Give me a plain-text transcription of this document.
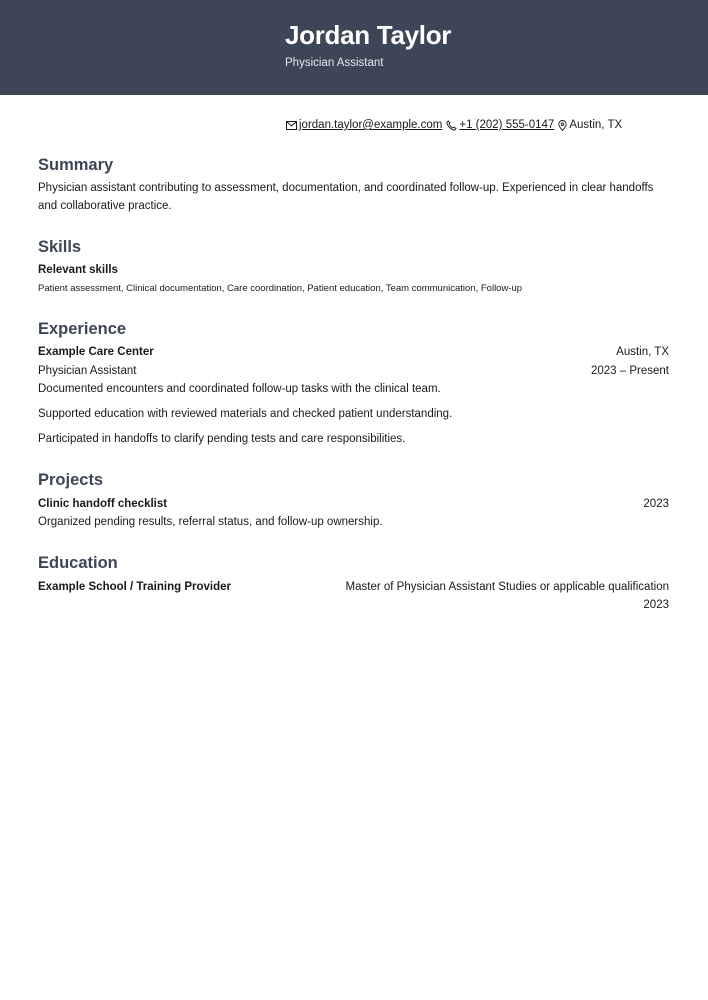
Jordan Taylor
Physician Assistant
jordan.taylor@example.com +1 (202) 555-0147 Austin, TX
Summary
Physician assistant contributing to assessment, documentation, and coordinated follow-up. Experienced in clear handoffs
and collaborative practice.
Skills
Relevant skills
Patient assessment, Clinical documentation, Care coordination, Patient education, Team communication, Follow-up
Experience
Example Care Center	Austin, TX
Physician Assistant	2023 – Present
Documented encounters and coordinated follow-up tasks with the clinical team.
Supported education with reviewed materials and checked patient understanding.
Participated in handoffs to clarify pending tests and care responsibilities.
Projects
Clinic handoff checklist	2023
Organized pending results, referral status, and follow-up ownership.
Education
Example School / Training Provider	Master of Physician Assistant Studies or applicable qualification
2023
